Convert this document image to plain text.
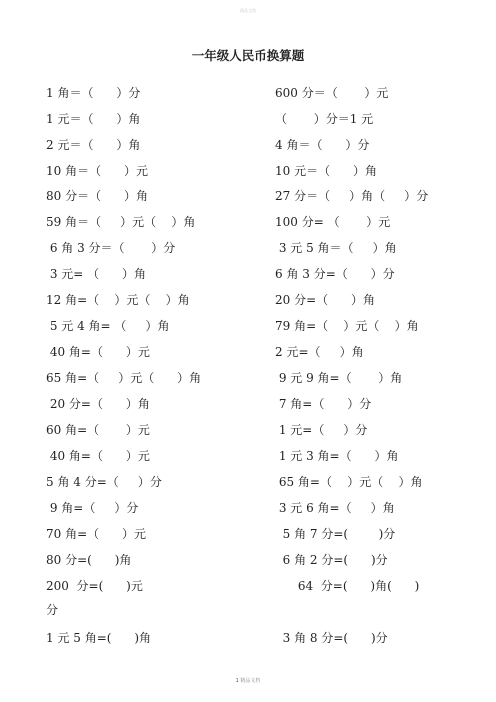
精品文档
一年级人民币换算题
1 角＝（      ）分	600 分＝（       ）元
1 元＝（      ）角	（       ）分＝1 元
2 元＝（      ）角	4 角＝（      ）分
10 角＝（      ）元	10 元＝（      ）角
80 分＝（      ）角	27 分＝（     ）角（     ）分
59 角＝（     ）元（    ）角	100 分= （       ）元
6 角 3 分＝（       ）分	3 元 5 角＝（     ）角
3 元= （      ）角	6 角 3 分=（      ）分
12 角=（    ）元（    ）角	20 分=（      ）角
5 元 4 角= （     ）角	79 角=（    ）元（    ）角
40 角=（      ）元	2 元=（     ）角
65 角=（     ）元（      ）角	9 元 9 角=（       ）角
20 分=（      ）角	7 角=（      ）分
60 角=（       ）元	1 元=（     ）分
40 角=（      ）元	1 元 3 角=（      ）角
5 角 4 分=（     ）分	65 角=（    ）元（    ）角
9 角=（     ）分	3 元 6 角=（     ）角
70 角=（      ）元	5 角 7 分=(        )分
80 分=(      )角	6 角 2 分=(      )分
200  分=(      )元	64  分=(      )角(      )
分
1 元 5 角=(      )角	3 角 8 分=(      )分
1 精品文档
